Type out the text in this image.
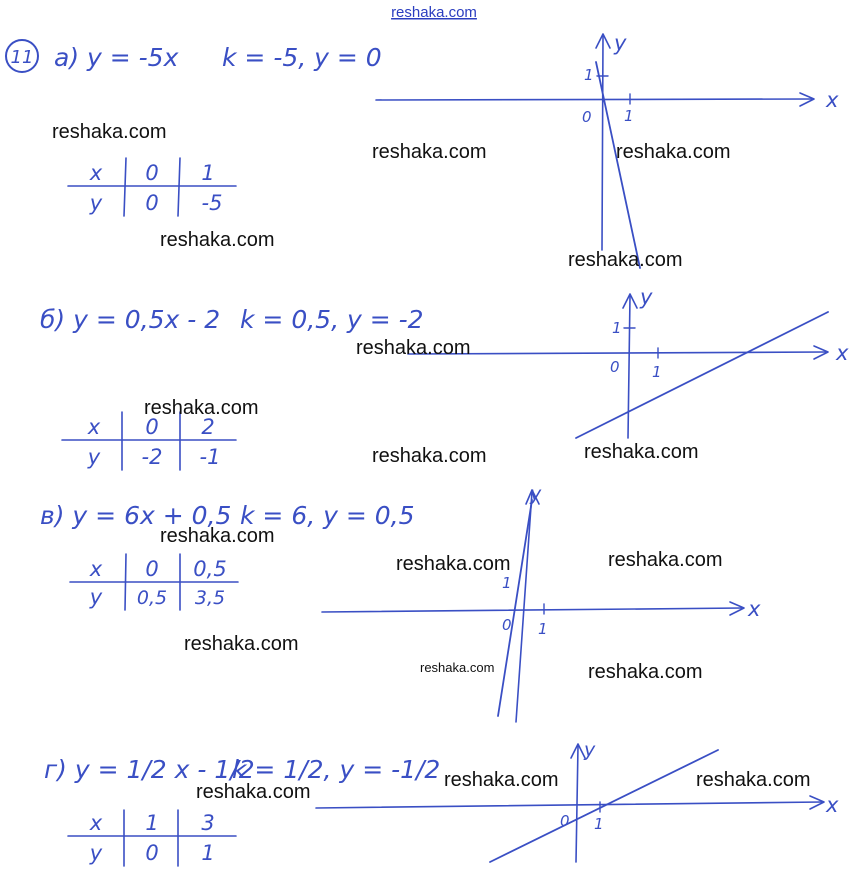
reshaka.com
11 а) y = -5x k = -5, y = 0
x 0 1
y 0 -5
x
y
0 1
1
б) y = 0,5x - 2 k = 0,5, y = -2
x 0 2
y -2 -1
x
y
0 1
1
в) y = 6x + 0,5 k = 6, y = 0,5
x 0 0,5
y 0,5 3,5	x
y
0 1
1
г) y = 1/2 x - 1/2
k = 1/2, y = -1/2
x 1 3
y 0 1
x
y
0 1
reshaka.com
reshaka.com	reshaka.com
reshaka.com
reshaka.com
reshaka.com
reshaka.com
reshaka.com	reshaka.com
reshaka.com
reshaka.com	reshaka.com
reshaka.com
reshaka.com	reshaka.com
reshaka.com	reshaka.com
reshaka.com
